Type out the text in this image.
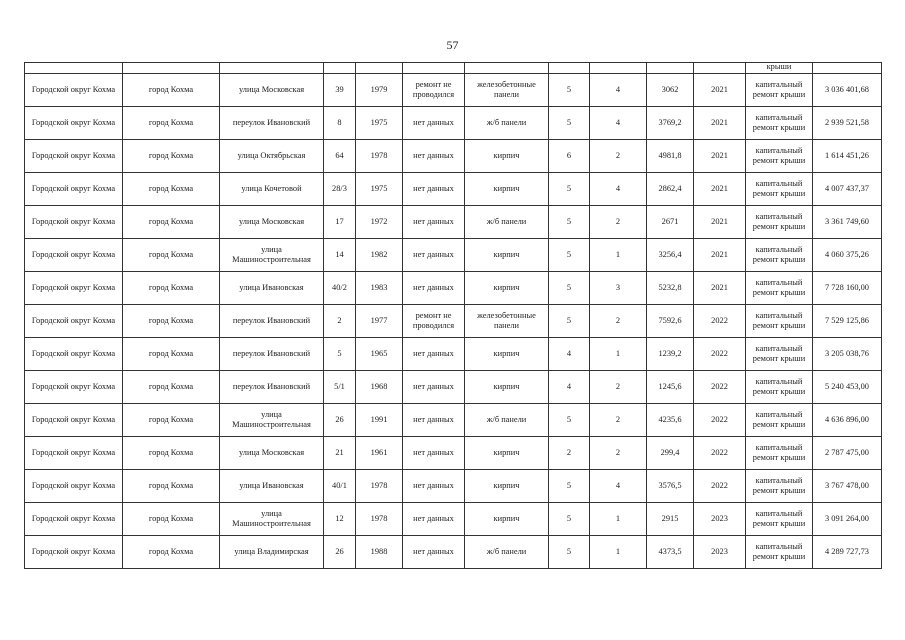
57

											крыши	

Городской округ Кохма	город Кохма	улица Московская	39	1979	ремонт не проводился	железобетонные панели	5	4	3062	2021	капитальный ремонт крыши	3 036 401,68
Городской округ Кохма	город Кохма	переулок Ивановский	8	1975	нет данных	ж/б панели	5	4	3769,2	2021	капитальный ремонт крыши	2 939 521,58
Городской округ Кохма	город Кохма	улица Октябрьская	64	1978	нет данных	кирпич	6	2	4981,8	2021	капитальный ремонт крыши	1 614 451,26
Городской округ Кохма	город Кохма	улица Кочетовой	28/3	1975	нет данных	кирпич	5	4	2862,4	2021	капитальный ремонт крыши	4 007 437,37
Городской округ Кохма	город Кохма	улица Московская	17	1972	нет данных	ж/б панели	5	2	2671	2021	капитальный ремонт крыши	3 361 749,60
Городской округ Кохма	город Кохма	улица Машиностроительная	14	1982	нет данных	кирпич	5	1	3256,4	2021	капитальный ремонт крыши	4 060 375,26
Городской округ Кохма	город Кохма	улица Ивановская	40/2	1983	нет данных	кирпич	5	3	5232,8	2021	капитальный ремонт крыши	7 728 160,00
Городской округ Кохма	город Кохма	переулок Ивановский	2	1977	ремонт не проводился	железобетонные панели	5	2	7592,6	2022	капитальный ремонт крыши	7 529 125,86
Городской округ Кохма	город Кохма	переулок Ивановский	5	1965	нет данных	кирпич	4	1	1239,2	2022	капитальный ремонт крыши	3 205 038,76
Городской округ Кохма	город Кохма	переулок Ивановский	5/1	1968	нет данных	кирпич	4	2	1245,6	2022	капитальный ремонт крыши	5 240 453,00
Городской округ Кохма	город Кохма	улица Машиностроительная	26	1991	нет данных	ж/б панели	5	2	4235,6	2022	капитальный ремонт крыши	4 636 896,00
Городской округ Кохма	город Кохма	улица Московская	21	1961	нет данных	кирпич	2	2	299,4	2022	капитальный ремонт крыши	2 787 475,00
Городской округ Кохма	город Кохма	улица Ивановская	40/1	1978	нет данных	кирпич	5	4	3576,5	2022	капитальный ремонт крыши	3 767 478,00
Городской округ Кохма	город Кохма	улица Машиностроительная	12	1978	нет данных	кирпич	5	1	2915	2023	капитальный ремонт крыши	3 091 264,00
Городской округ Кохма	город Кохма	улица Владимирская	26	1988	нет данных	ж/б панели	5	1	4373,5	2023	капитальный ремонт крыши	4 289 727,73
